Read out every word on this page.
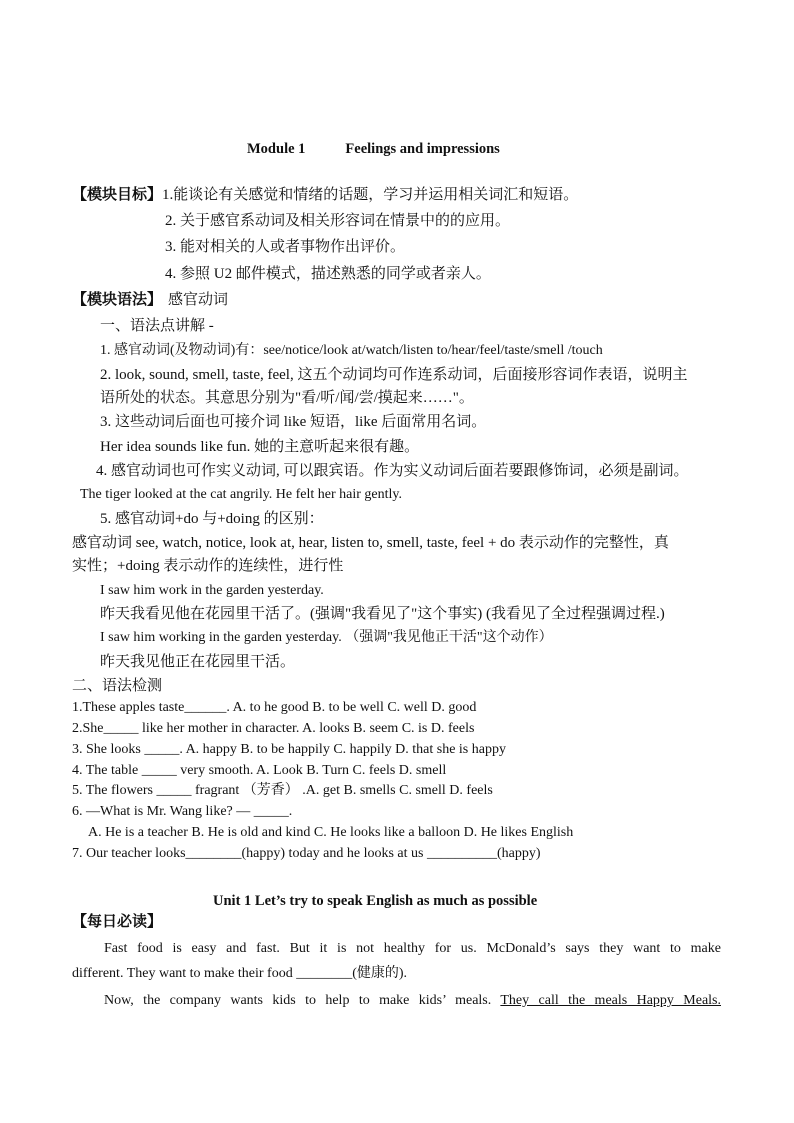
Module 1	Feelings and impressions
【模块目标】1.能谈论有关感觉和情绪的话题，学习并运用相关词汇和短语。
2. 关于感官系动词及相关形容词在情景中的的应用。
3. 能对相关的人或者事物作出评价。
4. 参照 U2 邮件模式，描述熟悉的同学或者亲人。
【模块语法】 感官动词
一、语法点讲解 -
1. 感官动词(及物动词)有：see/notice/look at/watch/listen to/hear/feel/taste/smell /touch
2. look, sound, smell, taste, feel, 这五个动词均可作连系动词，后面接形容词作表语，说明主
语所处的状态。其意思分别为"看/听/闻/尝/摸起来……"。
3. 这些动词后面也可接介词 like 短语，like 后面常用名词。
Her idea sounds like fun. 她的主意听起来很有趣。
4. 感官动词也可作实义动词, 可以跟宾语。作为实义动词后面若要跟修饰词，必须是副词。
The tiger looked at the cat angrily. He felt her hair gently.
5. 感官动词+do 与+doing 的区别：
感官动词 see, watch, notice, look at, hear, listen to, smell, taste, feel + do 表示动作的完整性，真
实性；+doing 表示动作的连续性，进行性
I saw him work in the garden yesterday.
昨天我看见他在花园里干活了。(强调"我看见了"这个事实) (我看见了全过程强调过程.)
I saw him working in the garden yesterday. （强调"我见他正干活"这个动作）
昨天我见他正在花园里干活。
二、语法检测
1.These apples taste______. A. to he good B. to be well C. well D. good
2.She_____ like her mother in character. A. looks B. seem C. is D. feels
3. She looks _____. A. happy B. to be happily C. happily D. that she is happy
4. The table _____ very smooth. A. Look B. Turn C. feels D. smell
5. The flowers _____ fragrant （芳香） .A. get B. smells C. smell D. feels
6. —What is Mr. Wang like? — _____.
A. He is a teacher B. He is old and kind C. He looks like a balloon D. He likes English
7. Our teacher looks________(happy) today and he looks at us __________(happy)
Unit 1 Let’s try to speak English as much as possible
【每日必读】
Fast food is easy and fast. But it is not healthy for us. McDonald’s says they want to make
different. They want to make their food ________(健康的).
Now, the company wants kids to help to make kids’ meals. They call the meals Happy Meals.
